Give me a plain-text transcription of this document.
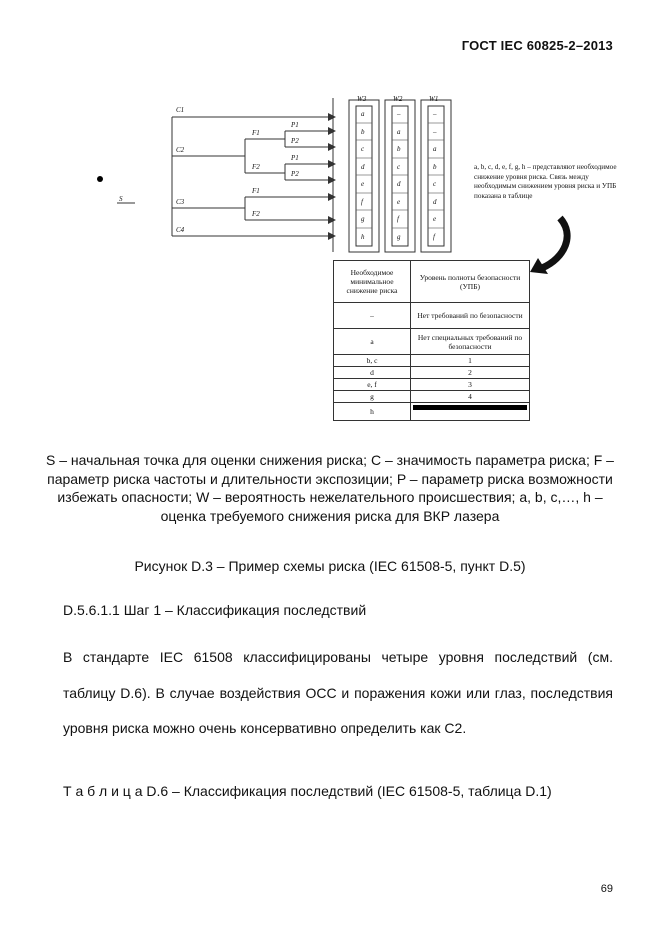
ГОСТ IEC 60825-2–2013
S
C1
C2
C3
C4
F1
F2
F1
F2
P1
P2
P1
P2
W3	W2	W1
a
b
c
d
e
f
g
h
–
a
b
c
d
e
f
g
–
–
a
b
c
d
e
f
a, b, c, d, e, f, g, h – представляют необходимое снижение уровня риска. Связь между необходимым снижением уровня риска и УПБ показана в таблице
Необходимое минимальное снижение риска	Уровень полноты безопасности (УПБ)
–	Нет требований по безопасности
a	Нет специальных требований по безопасности
b, c	1
d	2
e, f	3
g	4
h	
S – начальная точка для оценки снижения риска; C – значимость параметра риска; F – параметр риска частоты и длительности экспозиции; P – параметр риска возможности избежать опасности; W – вероятность нежелательного происшествия; a, b, c,…, h – оценка требуемого снижения риска для ВКР лазера
Рисунок D.3 – Пример схемы риска (IEC 61508-5, пункт D.5)
D.5.6.1.1 Шаг 1 – Классификация последствий
В стандарте IEC 61508 классифицированы четыре уровня последствий (см. таблицу D.6). В случае воздействия ОСС и поражения кожи или глаз, последствия уровня риска можно очень консервативно определить как C2.
Т а б л и ц а D.6 – Классификация последствий (IEC 61508-5, таблица D.1)
69
